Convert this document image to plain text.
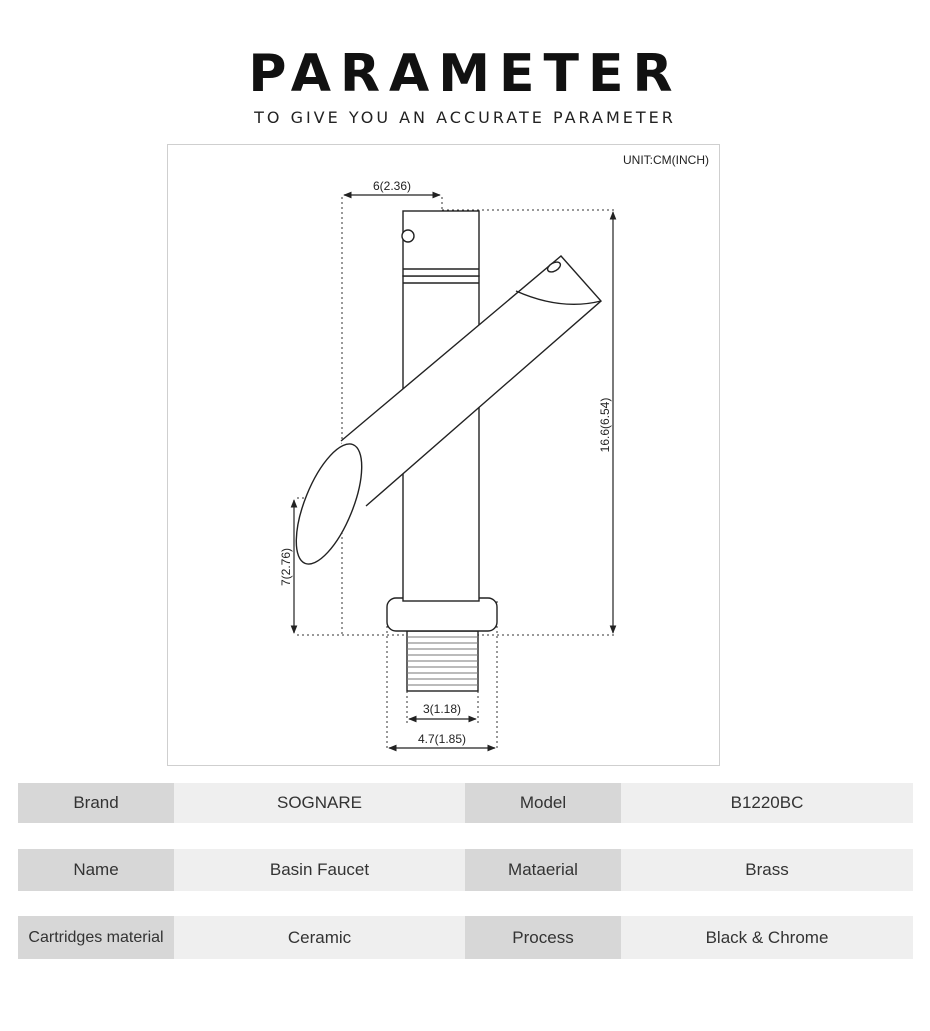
PARAMETER
TO GIVE YOU AN ACCURATE PARAMETER
6(2.36)
16.6(6.54)
7(2.76)
3(1.18)
4.7(1.85)
UNIT:CM(INCH)
Brand	SOGNARE	Model	B1220BC
Name	Basin Faucet	Mataerial	Brass
Cartridges material	Ceramic	Process	Black & Chrome
